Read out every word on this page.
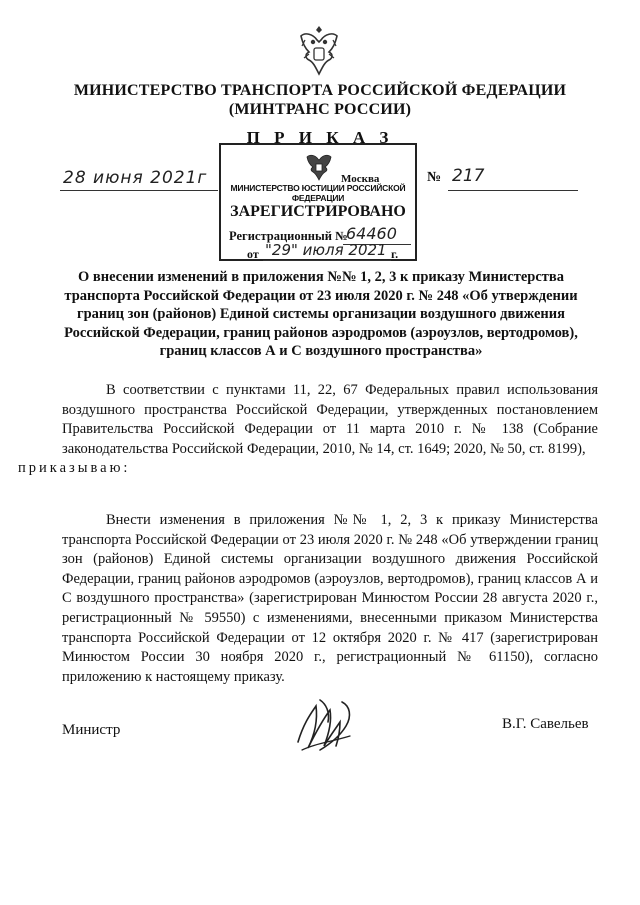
МИНИСТЕРСТВО ТРАНСПОРТА РОССИЙСКОЙ ФЕДЕРАЦИИ
(МИНТРАНС РОССИИ)
П Р И К А З
28 июня 2021г	№ 217
Москва
МИНИСТЕРСТВО ЮСТИЦИИ РОССИЙСКОЙ ФЕДЕРАЦИИ
ЗАРЕГИСТРИРОВАНО
Регистрационный №
64460
от "29" июля 2021 г.
О внесении изменений в приложения №№ 1, 2, 3 к приказу Министерства транспорта Российской Федерации от 23 июля 2020 г. № 248 «Об утверждении границ зон (районов) Единой системы организации воздушного движения Российской Федерации, границ районов аэродромов (аэроузлов, вертодромов), границ классов А и С воздушного пространства»
В соответствии с пунктами 11, 22, 67 Федеральных правил использования воздушного пространства Российской Федерации, утвержденных постановлением Правительства Российской Федерации от 11 марта 2010 г. № 138 (Собрание законодательства Российской Федерации, 2010, № 14, ст. 1649; 2020, № 50, ст. 8199),
приказываю:
Внести изменения в приложения №№ 1, 2, 3 к приказу Министерства транспорта Российской Федерации от 23 июля 2020 г. № 248 «Об утверждении границ зон (районов) Единой системы организации воздушного движения Российской Федерации, границ районов аэродромов (аэроузлов, вертодромов), границ классов А и С воздушного пространства» (зарегистрирован Минюстом России 28 августа 2020 г., регистрационный № 59550) с изменениями, внесенными приказом Министерства транспорта Российской Федерации от 12 октября 2020 г. № 417 (зарегистрирован Минюстом России 30 ноября 2020 г., регистрационный № 61150), согласно приложению к настоящему приказу.
Министр	В.Г. Савельев
